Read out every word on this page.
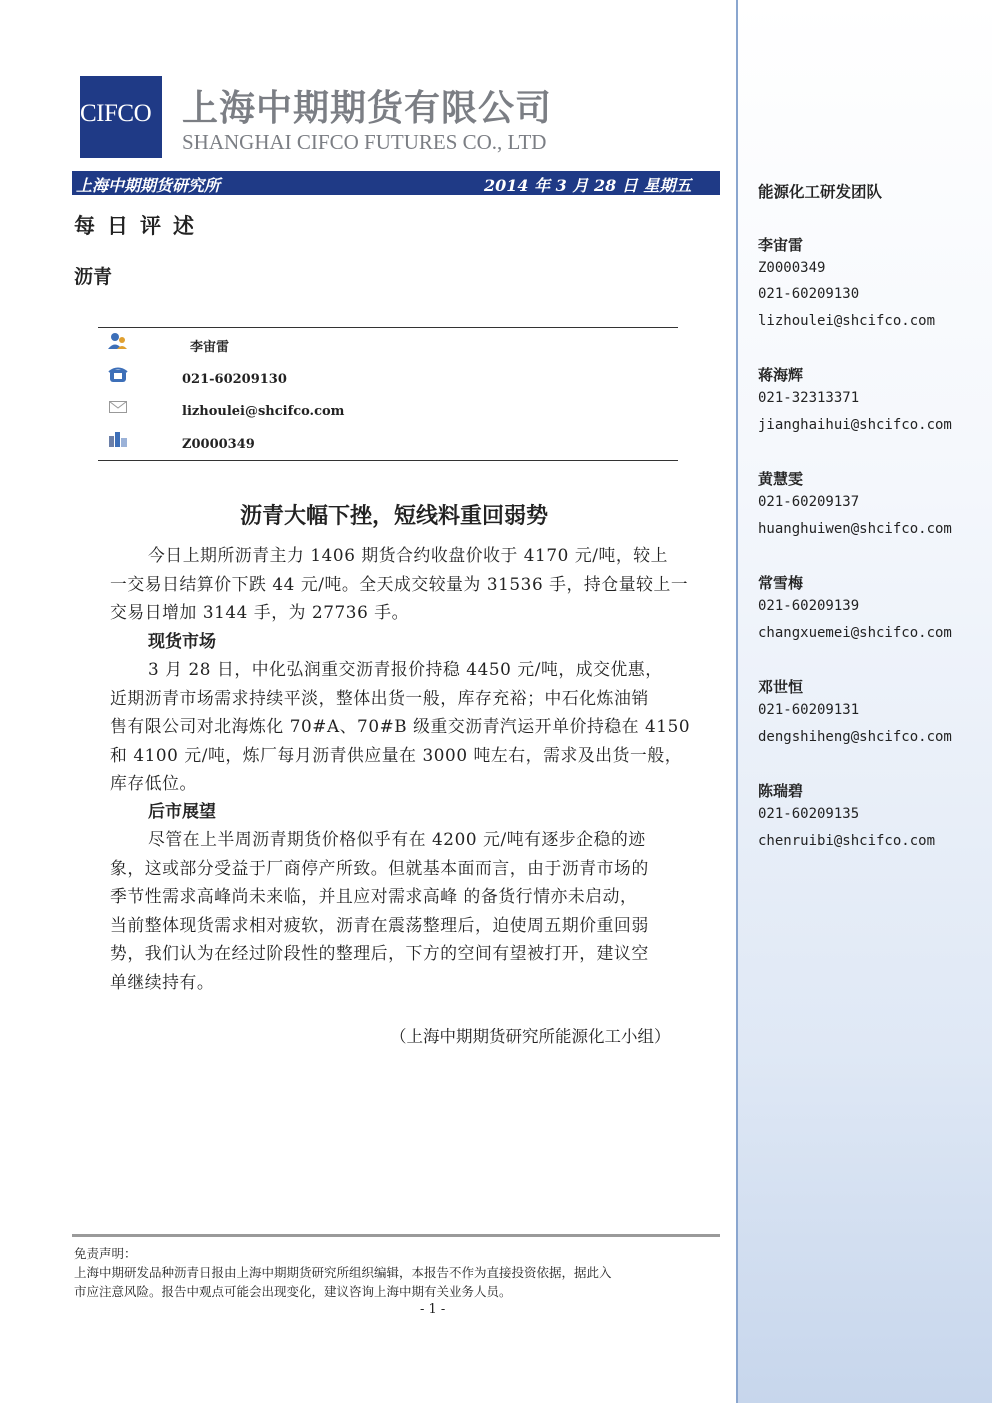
CIFCO 上海中期期货有限公司
SHANGHAI CIFCO FUTURES CO., LTD
上海中期期货研究所	2014 年 3 月 28 日 星期五
每日评述
沥青
李宙雷
021-60209130
lizhoulei@shcifco.com
Z0000349
沥青大幅下挫，短线料重回弱势
今日上期所沥青主力 1406 期货合约收盘价收于 4170 元/吨，较上
一交易日结算价下跌 44 元/吨。全天成交较量为 31536 手，持仓量较上一
交易日增加 3144 手，为 27736 手。
现货市场
3 月 28 日，中化弘润重交沥青报价持稳 4450 元/吨，成交优惠，
近期沥青市场需求持续平淡，整体出货一般，库存充裕；中石化炼油销
售有限公司对北海炼化 70#A、70#B 级重交沥青汽运开单价持稳在 4150
和 4100 元/吨，炼厂每月沥青供应量在 3000 吨左右，需求及出货一般，
库存低位。
后市展望
尽管在上半周沥青期货价格似乎有在 4200 元/吨有逐步企稳的迹
象，这或部分受益于厂商停产所致。但就基本面而言，由于沥青市场的
季节性需求高峰尚未来临，并且应对需求高峰 的备货行情亦未启动，
当前整体现货需求相对疲软，沥青在震荡整理后，迫使周五期价重回弱
势，我们认为在经过阶段性的整理后，下方的空间有望被打开，建议空
单继续持有。
（上海中期期货研究所能源化工小组）
免责声明：
上海中期研发品种沥青日报由上海中期期货研究所组织编辑，本报告不作为直接投资依据，据此入
市应注意风险。报告中观点可能会出现变化，建议咨询上海中期有关业务人员。
- 1 -
能源化工研发团队
李宙雷
Z0000349
021-60209130
lizhoulei@shcifco.com
蒋海辉
021-32313371
jianghaihui@shcifco.com
黄慧雯
021-60209137
huanghuiwen@shcifco.com
常雪梅
021-60209139
changxuemei@shcifco.com
邓世恒
021-60209131
dengshiheng@shcifco.com
陈瑞碧
021-60209135
chenruibi@shcifco.com
